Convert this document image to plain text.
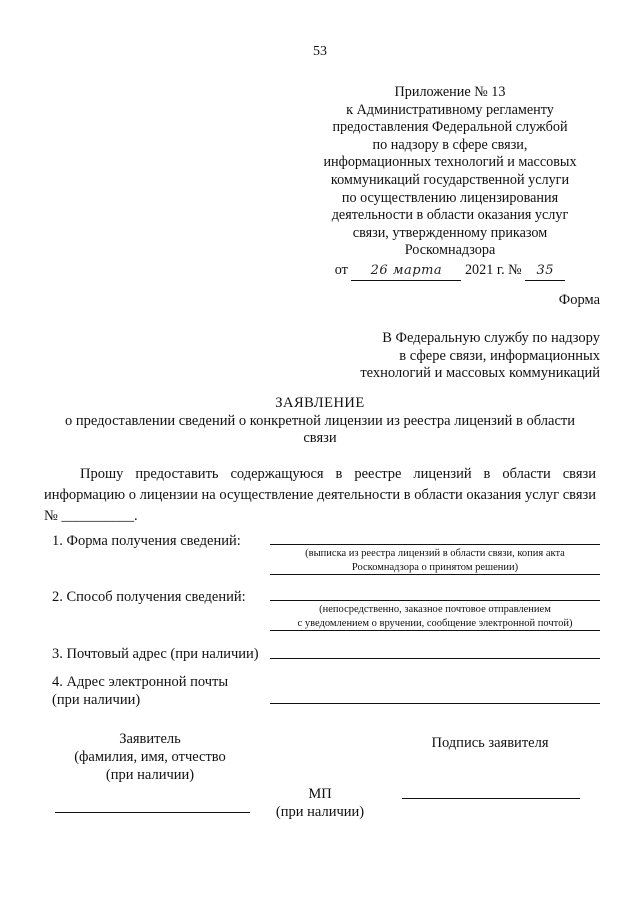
53
Приложение № 13
к Административному регламенту
предоставления Федеральной службой
по надзору в сфере связи,
информационных технологий и массовых
коммуникаций государственной услуги
по осуществлению лицензирования
деятельности в области оказания услуг
связи, утвержденному приказом
Роскомнадзора
от 26 марта 2021 г. № 35
Форма
В Федеральную службу по надзору
в сфере связи, информационных
технологий и массовых коммуникаций
ЗАЯВЛЕНИЕ
о предоставлении сведений о конкретной лицензии из реестра лицензий в области связи
Прошу предоставить содержащуюся в реестре лицензий в области связи информацию о лицензии на осуществление деятельности в области оказания услуг связи № __________.
1. Форма получения сведений:
(выписка из реестра лицензий в области связи, копия акта
Роскомнадзора о принятом решении)
2. Способ получения сведений:
(непосредственно, заказное почтовое отправлением
с уведомлением о вручении, сообщение электронной почтой)
3. Почтовый адрес (при наличии)
4. Адрес электронной почты
(при наличии)
Заявитель
(фамилия, имя, отчество
(при наличии)
Подпись заявителя
МП
(при наличии)
